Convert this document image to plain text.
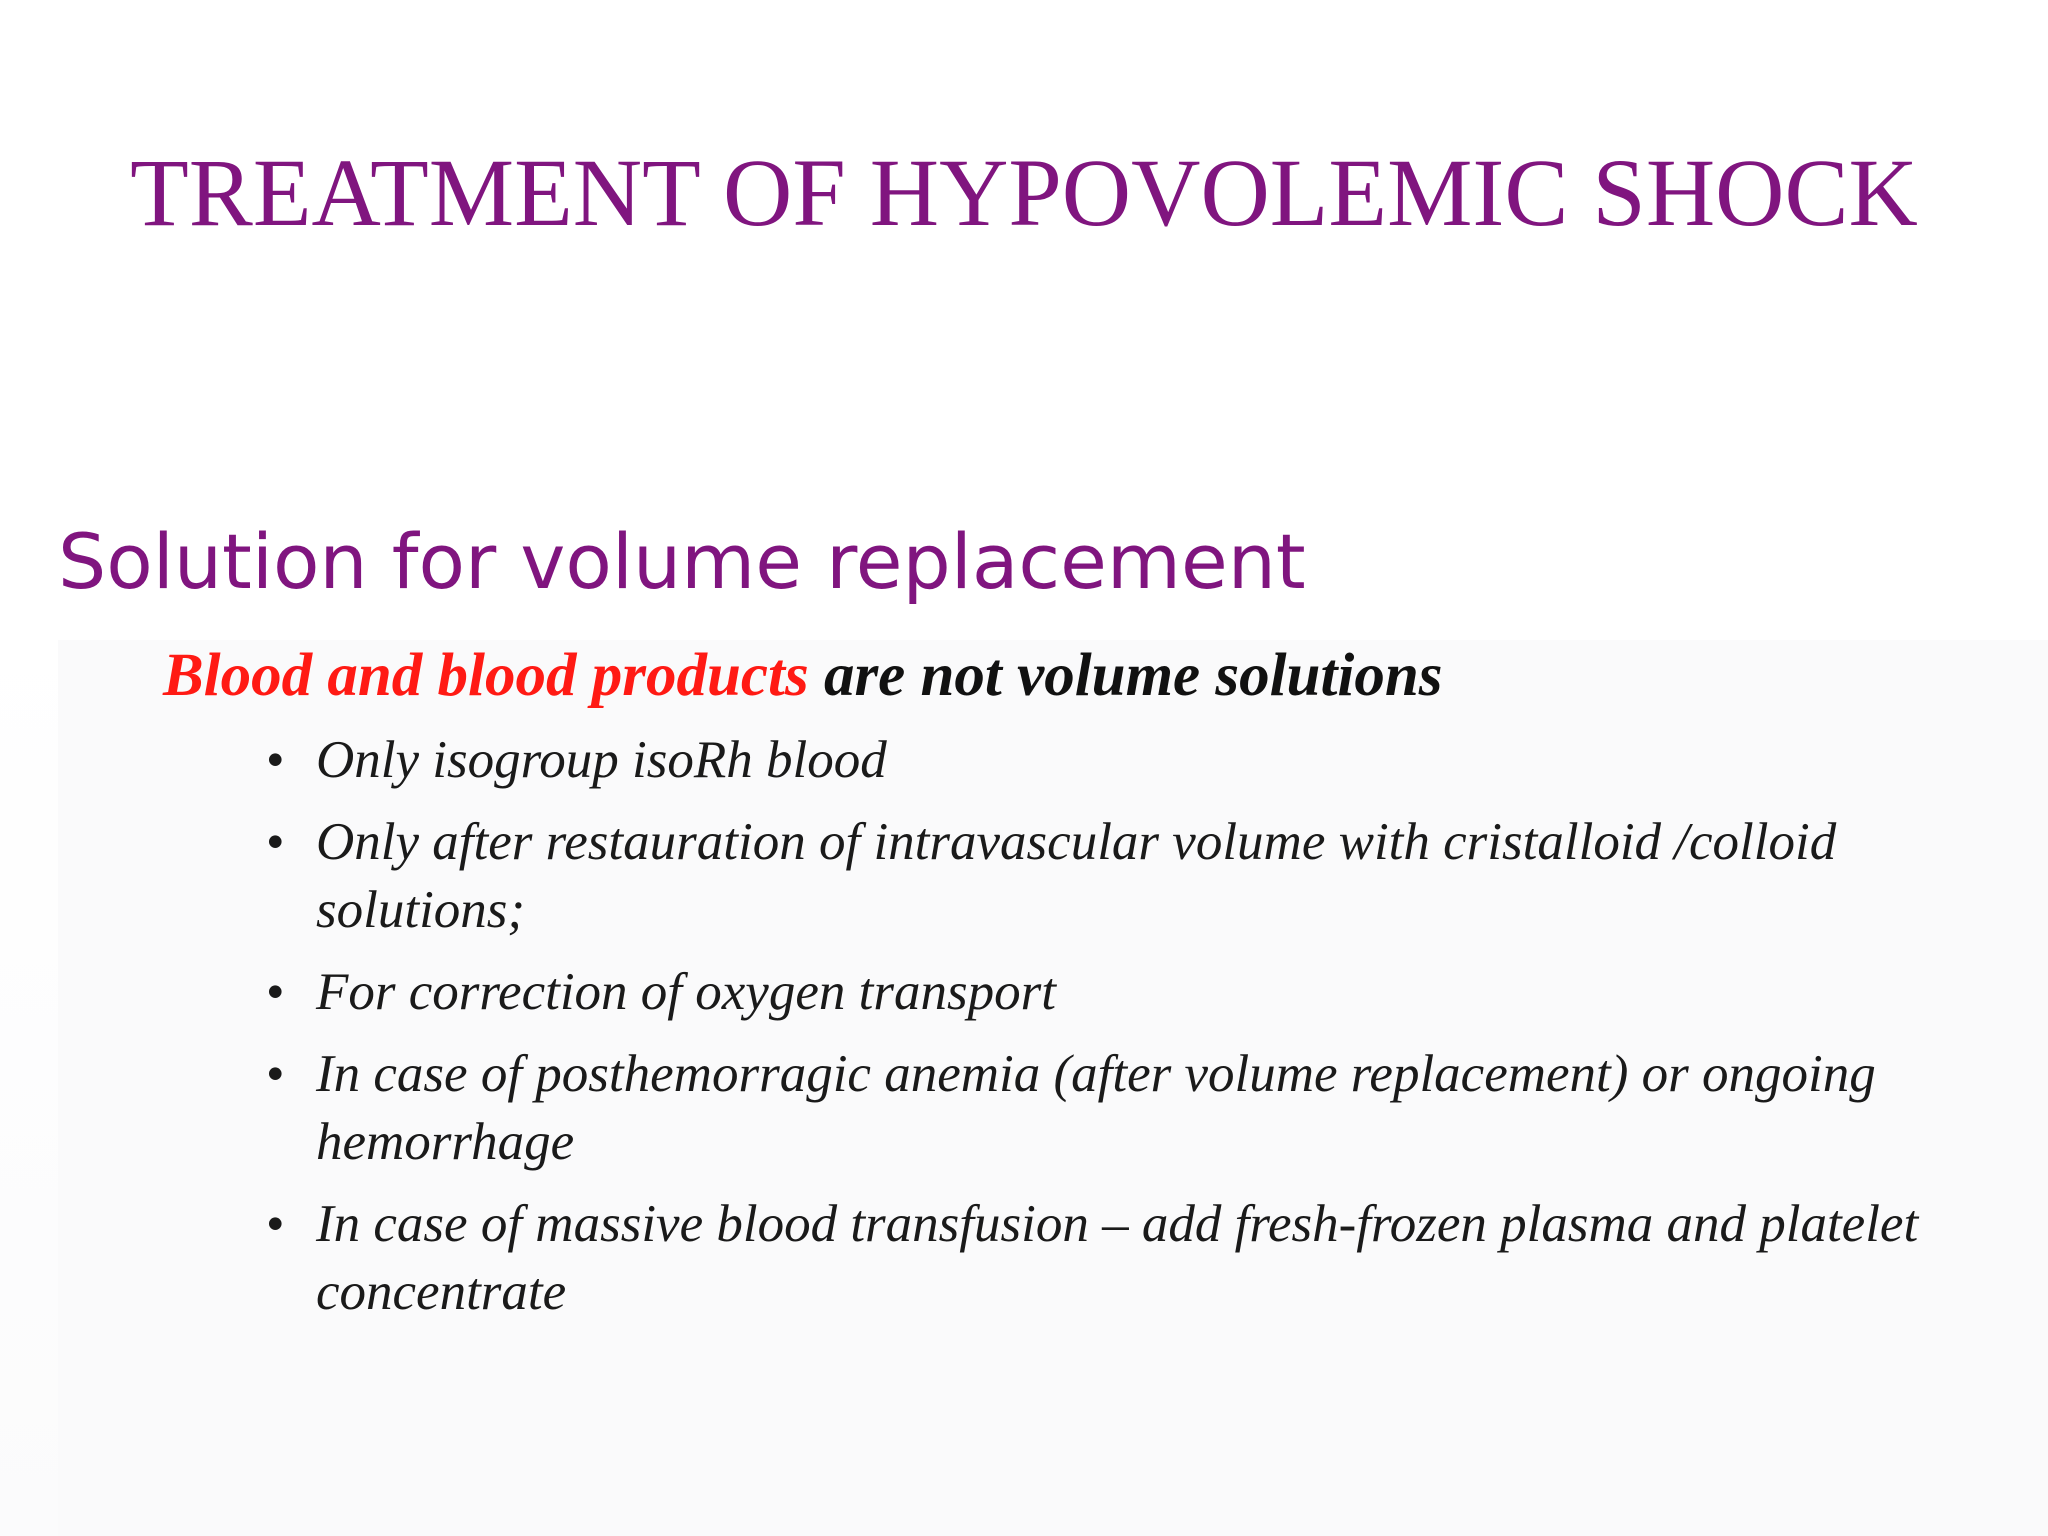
TREATMENT OF HYPOVOLEMIC SHOCK
Solution for volume replacement
Blood and blood products are not volume solutions
• Only isogroup isoRh blood
• Only after restauration of intravascular volume with cristalloid /colloid solutions;
• For correction of oxygen transport
• In case of posthemorragic anemia (after volume replacement) or ongoing hemorrhage
• In case of massive blood transfusion – add fresh-frozen plasma and platelet concentrate
